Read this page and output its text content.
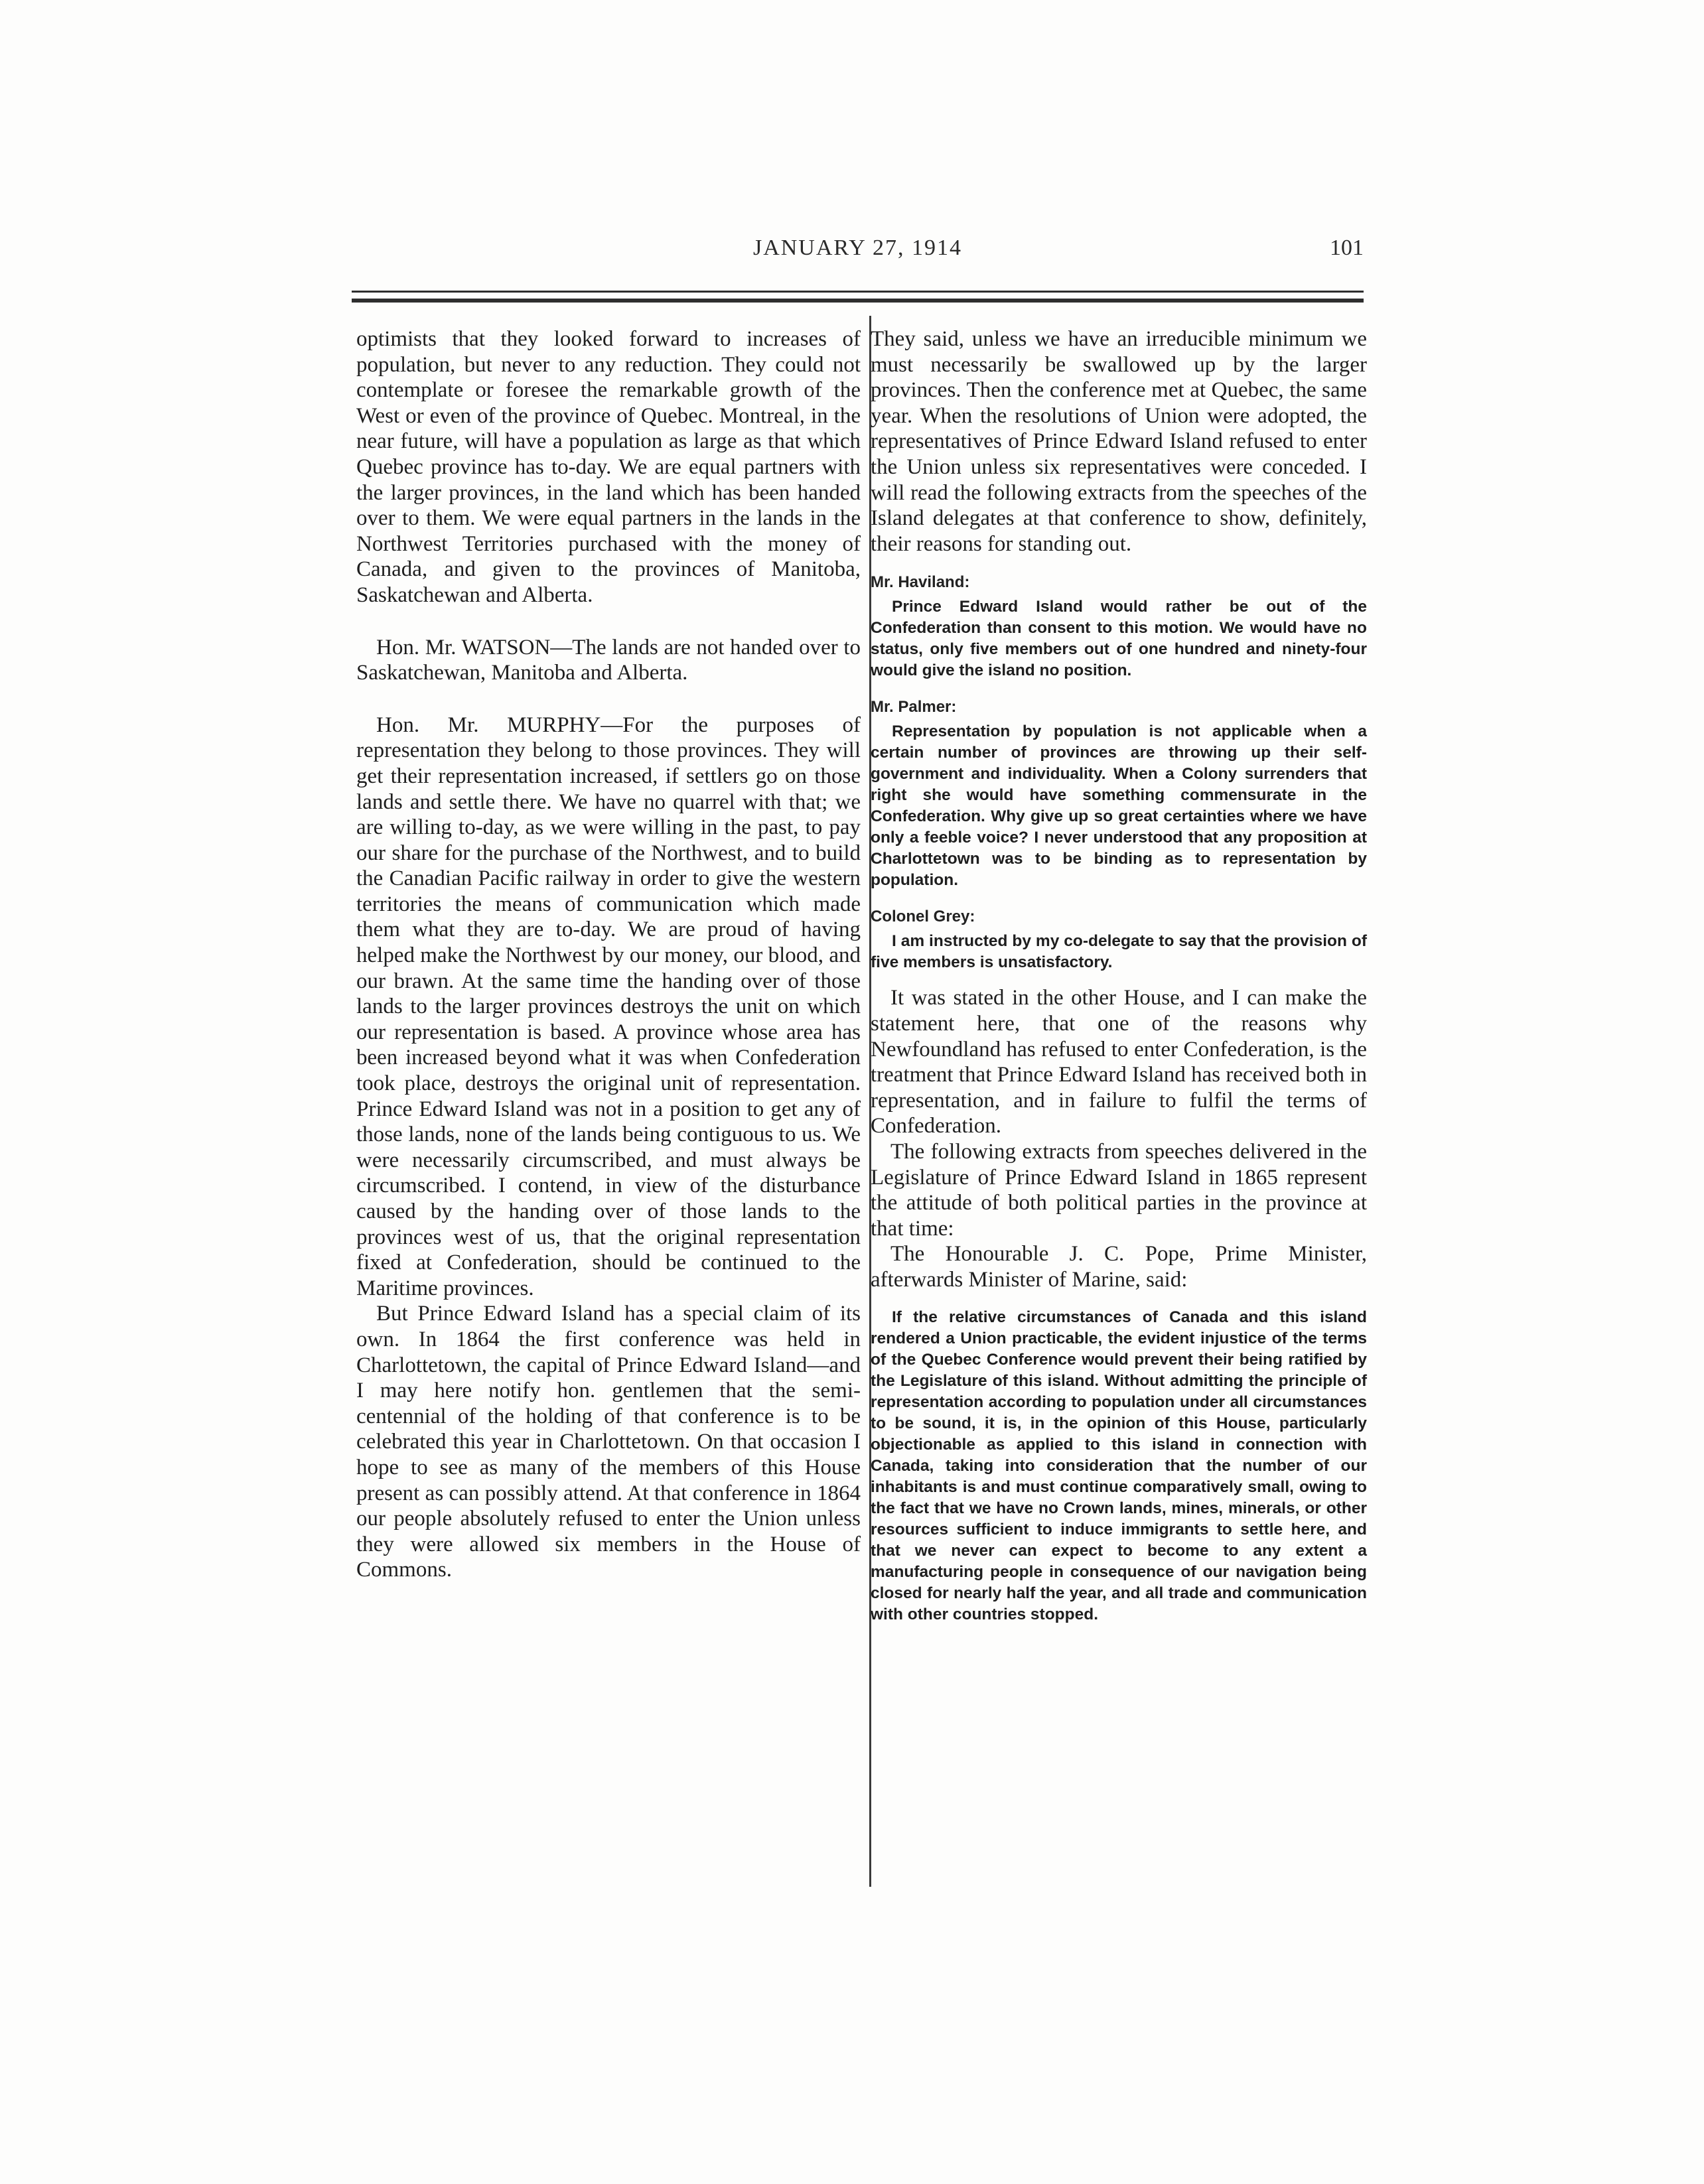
JANUARY 27, 1914	101

optimists that they looked forward to increases of population, but never to any reduction. They could not contemplate or foresee the remarkable growth of the West or even of the province of Quebec. Montreal, in the near future, will have a population as large as that which Quebec province has to-day. We are equal partners with the larger provinces, in the land which has been handed over to them. We were equal partners in the lands in the Northwest Territories purchased with the money of Canada, and given to the provinces of Manitoba, Saskatchewan and Alberta.

Hon. Mr. WATSON—The lands are not handed over to Saskatchewan, Manitoba and Alberta.

Hon. Mr. MURPHY—For the purposes of representation they belong to those provinces. They will get their representation increased, if settlers go on those lands and settle there. We have no quarrel with that; we are willing to-day, as we were willing in the past, to pay our share for the purchase of the Northwest, and to build the Canadian Pacific railway in order to give the western territories the means of communication which made them what they are to-day. We are proud of having helped make the Northwest by our money, our blood, and our brawn. At the same time the handing over of those lands to the larger provinces destroys the unit on which our representation is based. A province whose area has been increased beyond what it was when Confederation took place, destroys the original unit of representation. Prince Edward Island was not in a position to get any of those lands, none of the lands being contiguous to us. We were necessarily circumscribed, and must always be circumscribed. I contend, in view of the disturbance caused by the handing over of those lands to the provinces west of us, that the original representation fixed at Confederation, should be continued to the Maritime provinces.

But Prince Edward Island has a special claim of its own. In 1864 the first conference was held in Charlottetown, the capital of Prince Edward Island—and I may here notify hon. gentlemen that the semi-centennial of the holding of that conference is to be celebrated this year in Charlottetown. On that occasion I hope to see as many of the members of this House present as can possibly attend. At that conference in 1864 our people absolutely refused to enter the Union unless they were allowed six members in the House of Commons.

They said, unless we have an irreducible minimum we must necessarily be swallowed up by the larger provinces. Then the conference met at Quebec, the same year. When the resolutions of Union were adopted, the representatives of Prince Edward Island refused to enter the Union unless six representatives were conceded. I will read the following extracts from the speeches of the Island delegates at that conference to show, definitely, their reasons for standing out.

Mr. Haviland:

Prince Edward Island would rather be out of the Confederation than consent to this motion. We would have no status, only five members out of one hundred and ninety-four would give the island no position.

Mr. Palmer:

Representation by population is not applicable when a certain number of provinces are throwing up their self-government and individuality. When a Colony surrenders that right she would have something commensurate in the Confederation. Why give up so great certainties where we have only a feeble voice? I never understood that any proposition at Charlottetown was to be binding as to representation by population.

Colonel Grey:

I am instructed by my co-delegate to say that the provision of five members is unsatisfactory.

It was stated in the other House, and I can make the statement here, that one of the reasons why Newfoundland has refused to enter Confederation, is the treatment that Prince Edward Island has received both in representation, and in failure to fulfil the terms of Confederation.

The following extracts from speeches delivered in the Legislature of Prince Edward Island in 1865 represent the attitude of both political parties in the province at that time:

The Honourable J. C. Pope, Prime Minister, afterwards Minister of Marine, said:

If the relative circumstances of Canada and this island rendered a Union practicable, the evident injustice of the terms of the Quebec Conference would prevent their being ratified by the Legislature of this island. Without admitting the principle of representation according to population under all circumstances to be sound, it is, in the opinion of this House, particularly objectionable as applied to this island in connection with Canada, taking into consideration that the number of our inhabitants is and must continue comparatively small, owing to the fact that we have no Crown lands, mines, minerals, or other resources sufficient to induce immigrants to settle here, and that we never can expect to become to any extent a manufacturing people in consequence of our navigation being closed for nearly half the year, and all trade and communication with other countries stopped.
